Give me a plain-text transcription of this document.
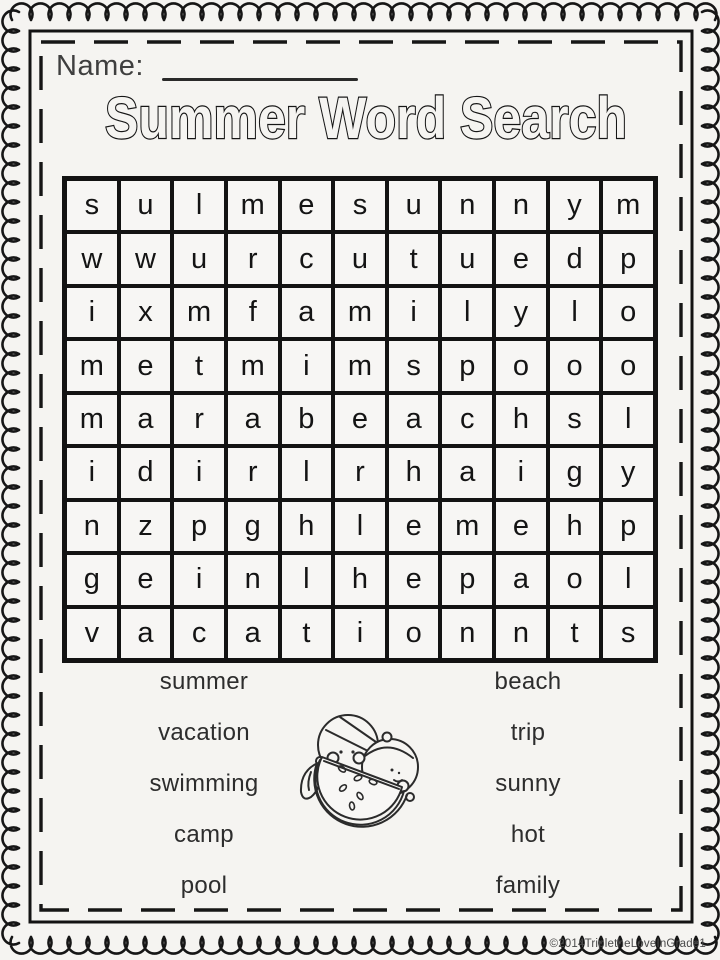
Name:
Summer Word Search
s	u	l	m	e	s	u	n	n	y	m
w	w	u	r	c	u	t	u	e	d	p
i	x	m	f	a	m	i	l	y	l	o
m	e	t	m	i	m	s	p	o	o	o
m	a	r	a	b	e	a	c	h	s	l
i	d	i	r	l	r	h	a	i	g	y
n	z	p	g	h	l	e	m	e	h	p
g	e	i	n	l	h	e	p	a	o	l
v	a	c	a	t	i	o	n	n	t	s
summer
vacation
swimming
camp
pool
beach
trip
sunny
hot
family
©2014TripletheLoveInGrade1
